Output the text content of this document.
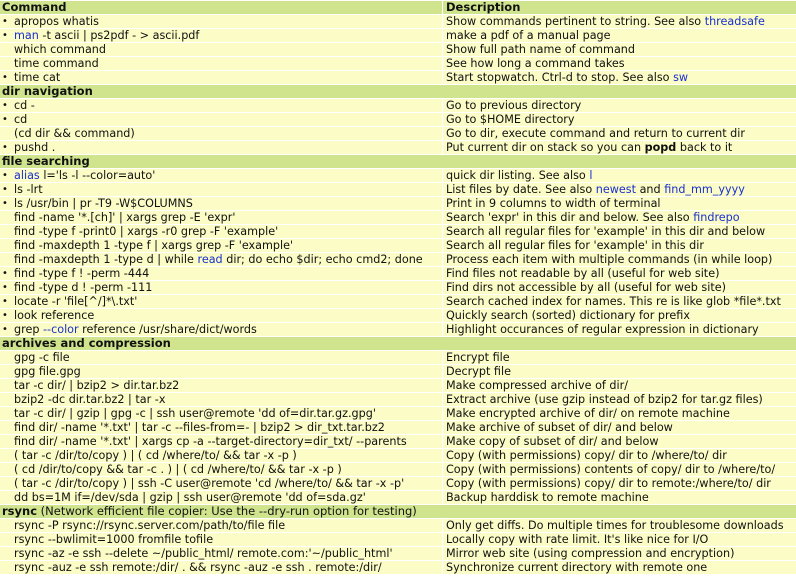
Command		Description
•	apropos whatis	Show commands pertinent to string. See also threadsafe
•	man -t ascii | ps2pdf - > ascii.pdf	make a pdf of a manual page
	which command	Show full path name of command
	time command	See how long a command takes
•	time cat	Start stopwatch. Ctrl-d to stop. See also sw
dir navigation		
•	cd -	Go to previous directory
•	cd	Go to $HOME directory
	(cd dir && command)	Go to dir, execute command and return to current dir
•	pushd .	Put current dir on stack so you can popd back to it
file searching		
•	alias l='ls -l --color=auto'	quick dir listing. See also l
•	ls -lrt	List files by date. See also newest and find_mm_yyyy
•	ls /usr/bin | pr -T9 -W$COLUMNS	Print in 9 columns to width of terminal
	find -name '*.[ch]' | xargs grep -E 'expr'	Search 'expr' in this dir and below. See also findrepo
	find -type f -print0 | xargs -r0 grep -F 'example'	Search all regular files for 'example' in this dir and below
	find -maxdepth 1 -type f | xargs grep -F 'example'	Search all regular files for 'example' in this dir
	find -maxdepth 1 -type d | while read dir; do echo $dir; echo cmd2; done	Process each item with multiple commands (in while loop)
•	find -type f ! -perm -444	Find files not readable by all (useful for web site)
•	find -type d ! -perm -111	Find dirs not accessible by all (useful for web site)
•	locate -r 'file[^/]*\.txt'	Search cached index for names. This re is like glob *file*.txt
•	look reference	Quickly search (sorted) dictionary for prefix
•	grep --color reference /usr/share/dict/words	Highlight occurances of regular expression in dictionary
archives and compression		
	gpg -c file	Encrypt file
	gpg file.gpg	Decrypt file
	tar -c dir/ | bzip2 > dir.tar.bz2	Make compressed archive of dir/
	bzip2 -dc dir.tar.bz2 | tar -x	Extract archive (use gzip instead of bzip2 for tar.gz files)
	tar -c dir/ | gzip | gpg -c | ssh user@remote 'dd of=dir.tar.gz.gpg'	Make encrypted archive of dir/ on remote machine
	find dir/ -name '*.txt' | tar -c --files-from=- | bzip2 > dir_txt.tar.bz2	Make archive of subset of dir/ and below
	find dir/ -name '*.txt' | xargs cp -a --target-directory=dir_txt/ --parents	Make copy of subset of dir/ and below
	( tar -c /dir/to/copy ) | ( cd /where/to/ && tar -x -p )	Copy (with permissions) copy/ dir to /where/to/ dir
	( cd /dir/to/copy && tar -c . ) | ( cd /where/to/ && tar -x -p )	Copy (with permissions) contents of copy/ dir to /where/to/
	( tar -c /dir/to/copy ) | ssh -C user@remote 'cd /where/to/ && tar -x -p'	Copy (with permissions) copy/ dir to remote:/where/to/ dir
	dd bs=1M if=/dev/sda | gzip | ssh user@remote 'dd of=sda.gz'	Backup harddisk to remote machine
rsync (Network efficient file copier: Use the --dry-run option for testing)		
	rsync -P rsync://rsync.server.com/path/to/file file	Only get diffs. Do multiple times for troublesome downloads
	rsync --bwlimit=1000 fromfile tofile	Locally copy with rate limit. It's like nice for I/O
	rsync -az -e ssh --delete ~/public_html/ remote.com:'~/public_html'	Mirror web site (using compression and encryption)
	rsync -auz -e ssh remote:/dir/ . && rsync -auz -e ssh . remote:/dir/	Synchronize current directory with remote one
